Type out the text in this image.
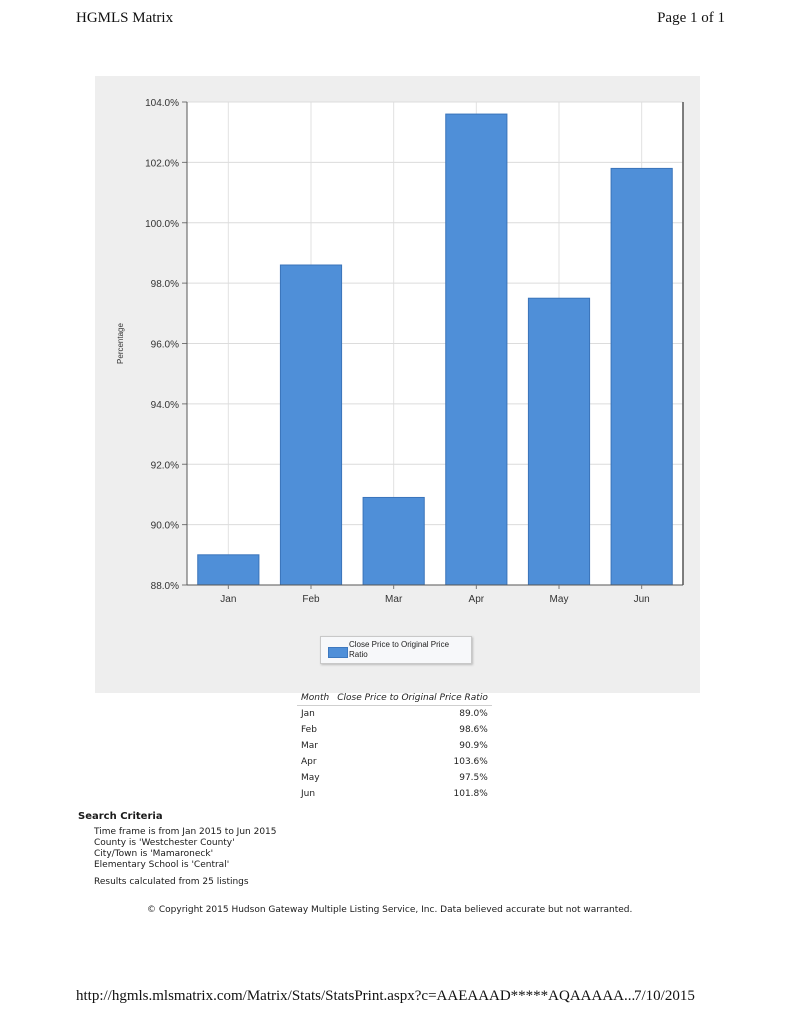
HGMLS Matrix	Page 1 of 1
88.0%
90.0%
92.0%
94.0%
96.0%
98.0%
100.0%
102.0%
104.0%
Jan	Feb	Mar	Apr	May	Jun
Percentage
Close Price to Original Price Ratio
Month	Close Price to Original Price Ratio
Jan	89.0%
Feb	98.6%
Mar	90.9%
Apr	103.6%
May	97.5%
Jun	101.8%
Search Criteria
Time frame is from Jan 2015 to Jun 2015
County is 'Westchester County'
City/Town is 'Mamaroneck'
Elementary School is 'Central'
Results calculated from 25 listings
© Copyright 2015 Hudson Gateway Multiple Listing Service, Inc. Data believed accurate but not warranted.
http://hgmls.mlsmatrix.com/Matrix/Stats/StatsPrint.aspx?c=AAEAAAD*****AQAAAAA...
7/10/2015
